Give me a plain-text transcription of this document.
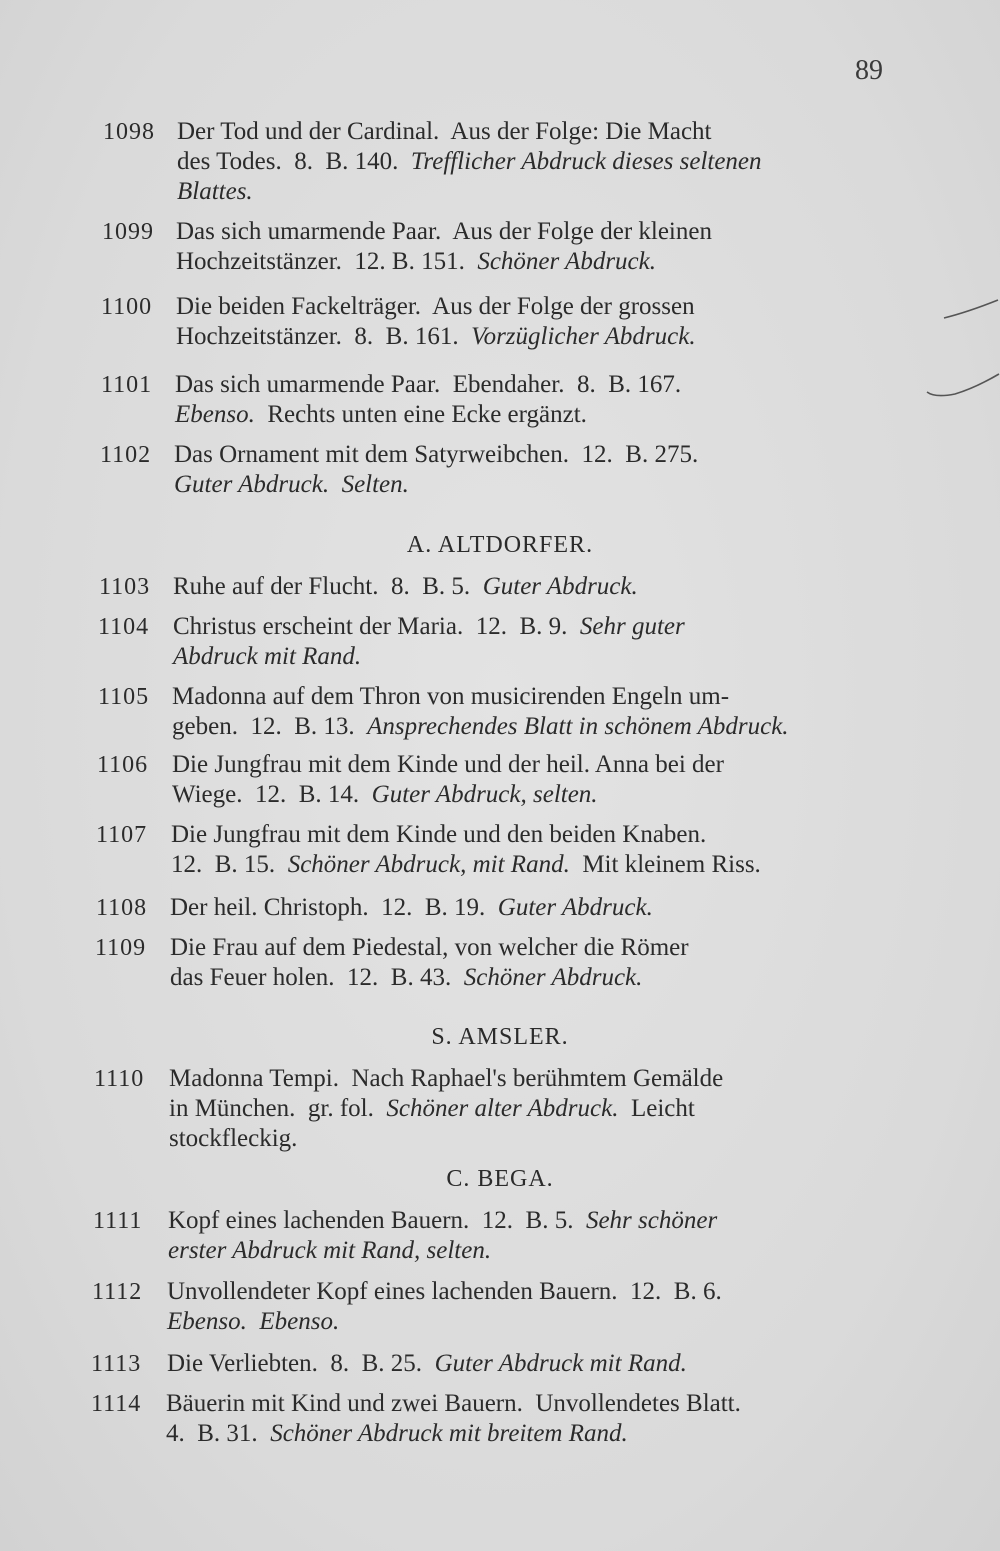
89
1098 Der Tod und der Cardinal.  Aus der Folge: Die Macht
des Todes.  8.  B. 140.  Trefflicher Abdruck dieses seltenen
Blattes.
1099 Das sich umarmende Paar.  Aus der Folge der kleinen
Hochzeitstänzer.  12. B. 151.  Schöner Abdruck.
1100 Die beiden Fackelträger.  Aus der Folge der grossen
Hochzeitstänzer.  8.  B. 161.  Vorzüglicher Abdruck.
1101 Das sich umarmende Paar.  Ebendaher.  8.  B. 167.
Ebenso.  Rechts unten eine Ecke ergänzt.
1102 Das Ornament mit dem Satyrweibchen.  12.  B. 275.
Guter Abdruck.  Selten.
A. ALTDORFER.
1103 Ruhe auf der Flucht.  8.  B. 5.  Guter Abdruck.
1104 Christus erscheint der Maria.  12.  B. 9.  Sehr guter
Abdruck mit Rand.
1105 Madonna auf dem Thron von musicirenden Engeln um-
geben.  12.  B. 13.  Ansprechendes Blatt in schönem Abdruck.
1106 Die Jungfrau mit dem Kinde und der heil. Anna bei der
Wiege.  12.  B. 14.  Guter Abdruck, selten.
1107 Die Jungfrau mit dem Kinde und den beiden Knaben.
12.  B. 15.  Schöner Abdruck, mit Rand.  Mit kleinem Riss.
1108 Der heil. Christoph.  12.  B. 19.  Guter Abdruck.
1109 Die Frau auf dem Piedestal, von welcher die Römer
das Feuer holen.  12.  B. 43.  Schöner Abdruck.
S. AMSLER.
1110 Madonna Tempi.  Nach Raphael's berühmtem Gemälde
in München.  gr. fol.  Schöner alter Abdruck.  Leicht
stockfleckig.
C. BEGA.
1111 Kopf eines lachenden Bauern.  12.  B. 5.  Sehr schöner
erster Abdruck mit Rand, selten.
1112 Unvollendeter Kopf eines lachenden Bauern.  12.  B. 6.
Ebenso.  Ebenso.
1113 Die Verliebten.  8.  B. 25.  Guter Abdruck mit Rand.
1114 Bäuerin mit Kind und zwei Bauern.  Unvollendetes Blatt.
4.  B. 31.  Schöner Abdruck mit breitem Rand.
